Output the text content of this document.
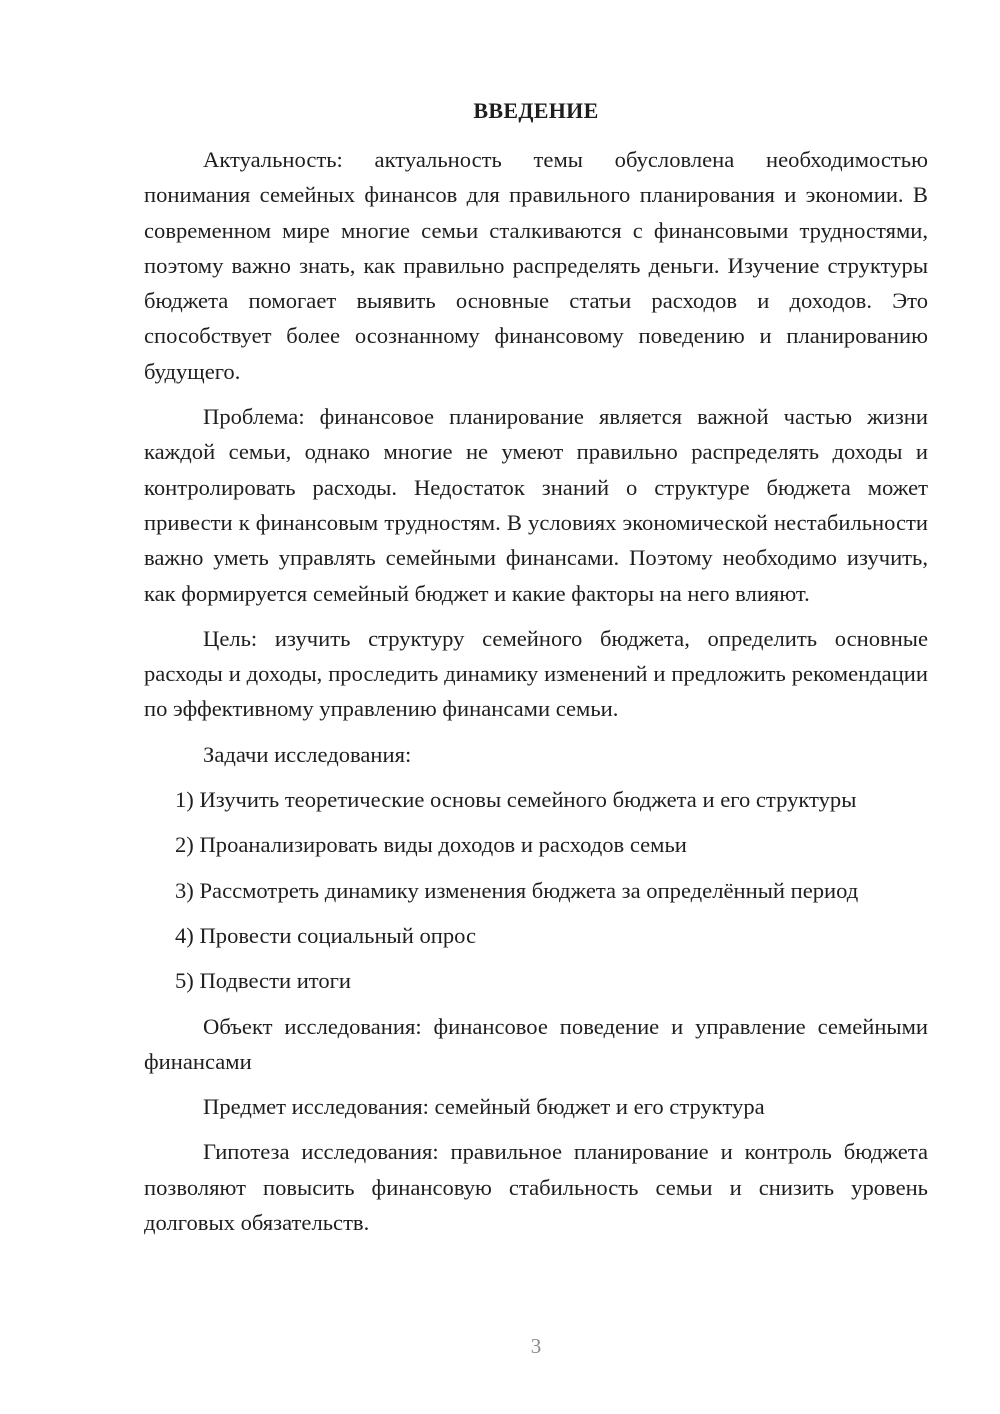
ВВЕДЕНИЕ

Актуальность: актуальность темы обусловлена необходимостью понимания семейных финансов для правильного планирования и экономии. В современном мире многие семьи сталкиваются с финансовыми трудностями, поэтому важно знать, как правильно распределять деньги. Изучение структуры бюджета помогает выявить основные статьи расходов и доходов. Это способствует более осознанному финансовому поведению и планированию будущего.

Проблема: финансовое планирование является важной частью жизни каждой семьи, однако многие не умеют правильно распределять доходы и контролировать расходы. Недостаток знаний о структуре бюджета может привести к финансовым трудностям. В условиях экономической нестабильности важно уметь управлять семейными финансами. Поэтому необходимо изучить, как формируется семейный бюджет и какие факторы на него влияют.

Цель: изучить структуру семейного бюджета, определить основные расходы и доходы, проследить динамику изменений и предложить рекомендации по эффективному управлению финансами семьи.

Задачи исследования:

1) Изучить теоретические основы семейного бюджета и его структуры
2) Проанализировать виды доходов и расходов семьи
3) Рассмотреть динамику изменения бюджета за определённый период
4) Провести социальный опрос
5) Подвести итоги

Объект исследования: финансовое поведение и управление семейными финансами

Предмет исследования: семейный бюджет и его структура

Гипотеза исследования: правильное планирование и контроль бюджета позволяют повысить финансовую стабильность семьи и снизить уровень долговых обязательств.

3
